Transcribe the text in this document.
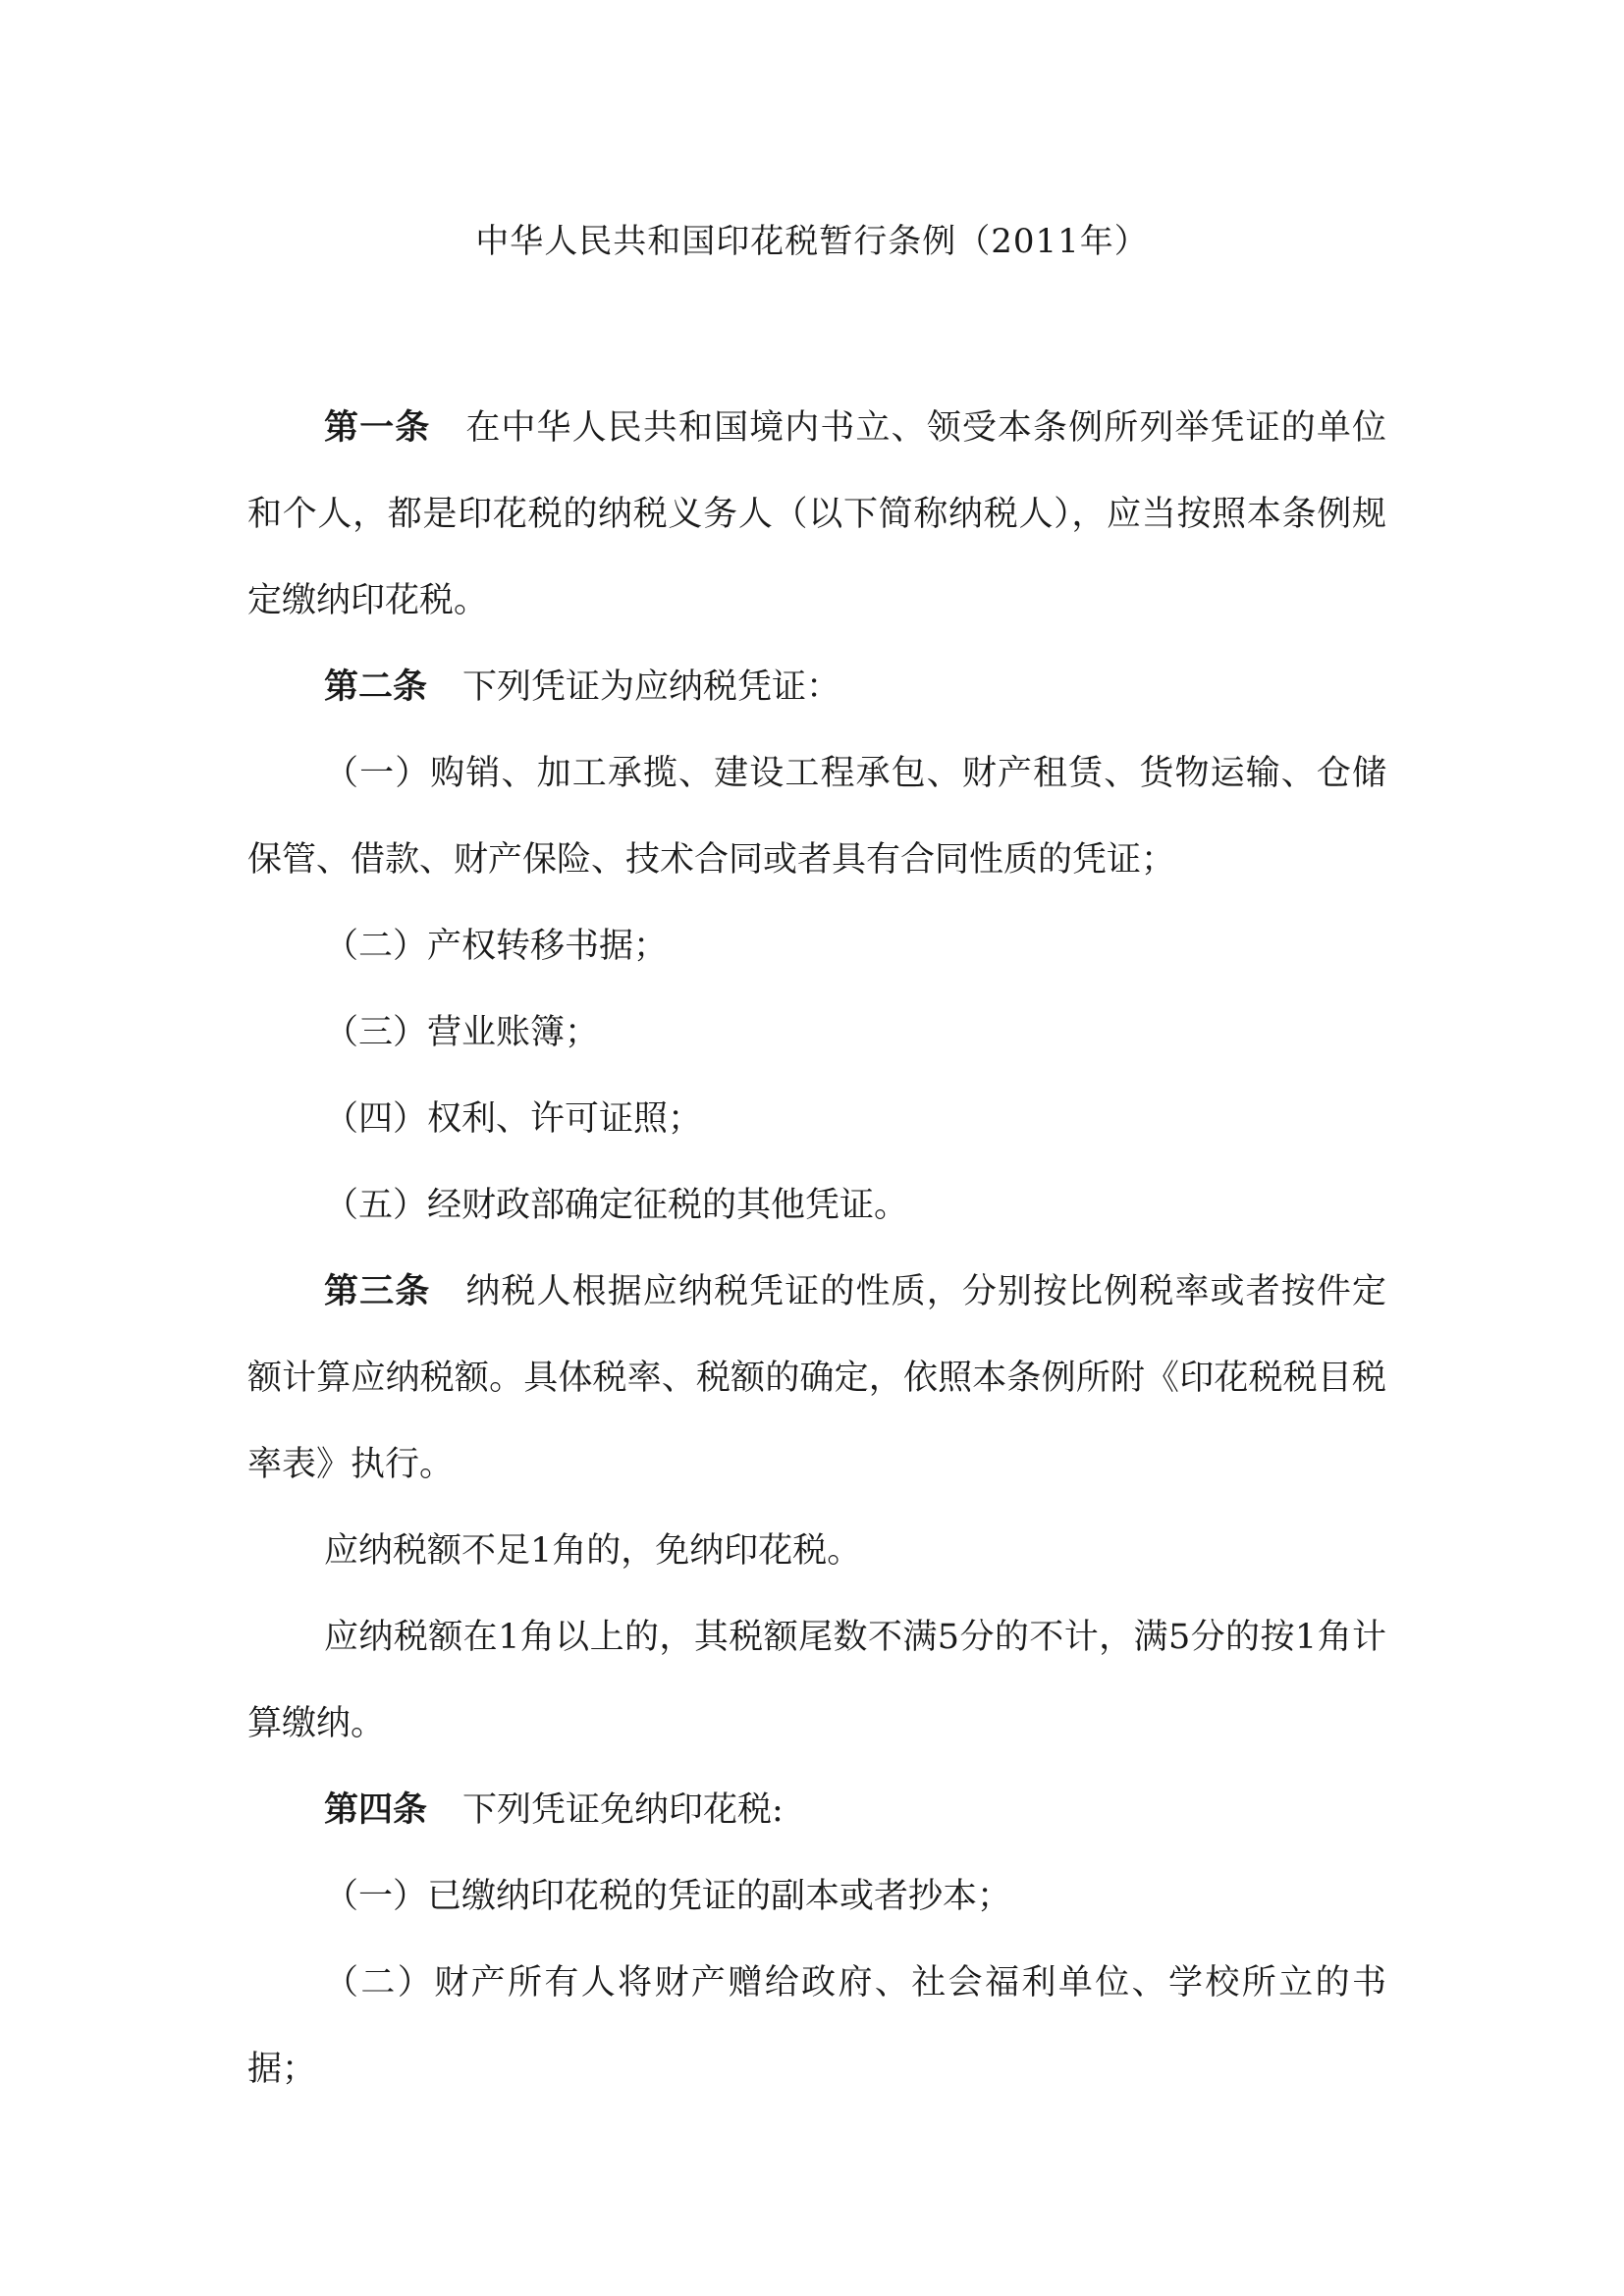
中华人民共和国印花税暂行条例（2011年）

第一条 在中华人民共和国境内书立、领受本条例所列举凭证的单位和个人，都是印花税的纳税义务人（以下简称纳税人），应当按照本条例规定缴纳印花税。

第二条 下列凭证为应纳税凭证：

（一）购销、加工承揽、建设工程承包、财产租赁、货物运输、仓储保管、借款、财产保险、技术合同或者具有合同性质的凭证；

（二）产权转移书据；

（三）营业账簿；

（四）权利、许可证照；

（五）经财政部确定征税的其他凭证。

第三条 纳税人根据应纳税凭证的性质，分别按比例税率或者按件定额计算应纳税额。具体税率、税额的确定，依照本条例所附《印花税税目税率表》执行。

应纳税额不足1角的，免纳印花税。

应纳税额在1角以上的，其税额尾数不满5分的不计，满5分的按1角计算缴纳。

第四条 下列凭证免纳印花税:

（一）已缴纳印花税的凭证的副本或者抄本；

（二）财产所有人将财产赠给政府、社会福利单位、学校所立的书据；
